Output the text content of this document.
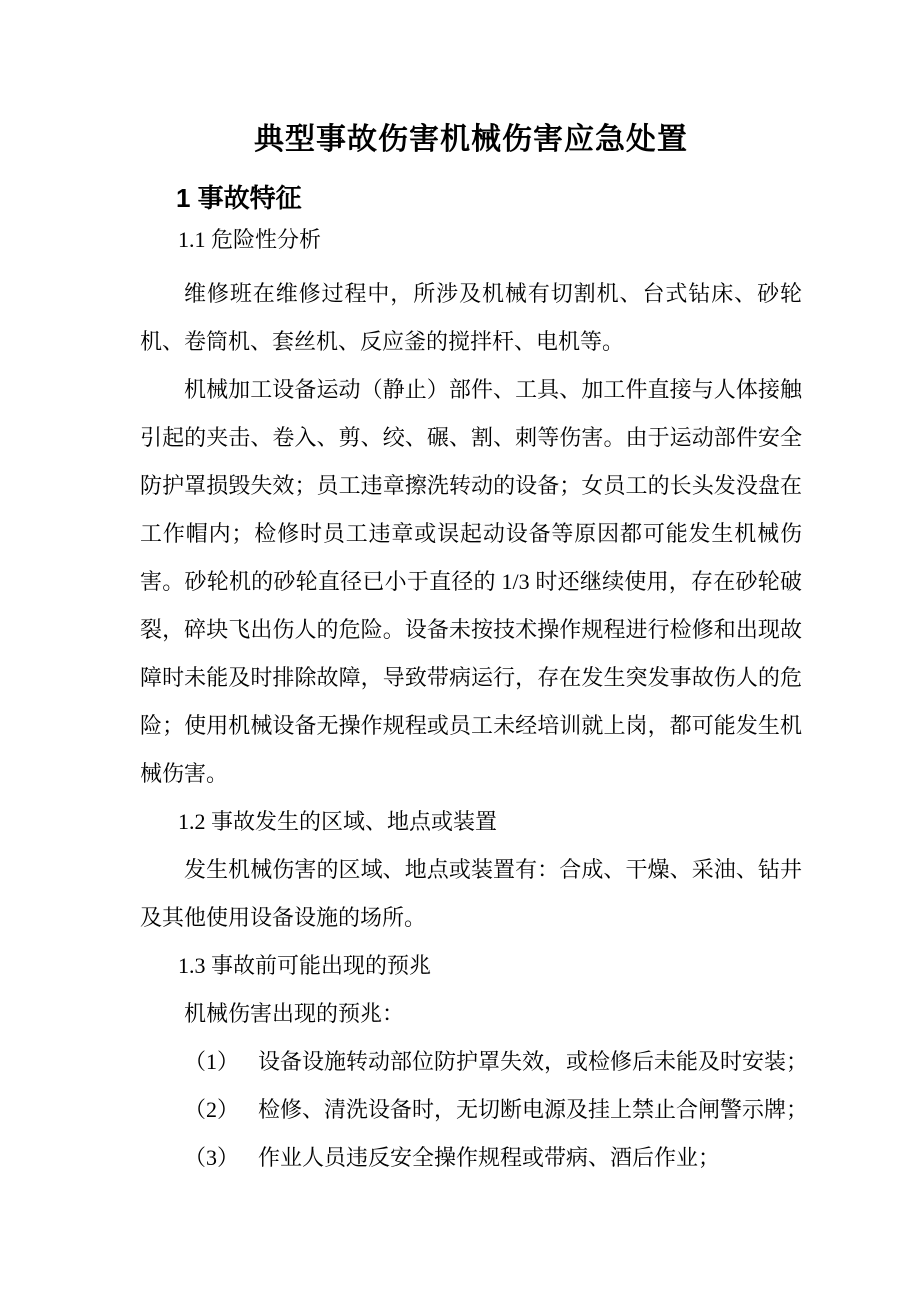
典型事故伤害机械伤害应急处置
1 事故特征
1.1 危险性分析

维修班在维修过程中，所涉及机械有切割机、台式钻床、砂轮机、卷筒机、套丝机、反应釜的搅拌杆、电机等。

机械加工设备运动（静止）部件、工具、加工件直接与人体接触引起的夹击、卷入、剪、绞、碾、割、刺等伤害。由于运动部件安全防护罩损毁失效；员工违章擦洗转动的设备；女员工的长头发没盘在工作帽内；检修时员工违章或误起动设备等原因都可能发生机械伤害。砂轮机的砂轮直径已小于直径的 1/3 时还继续使用，存在砂轮破裂，碎块飞出伤人的危险。设备未按技术操作规程进行检修和出现故障时未能及时排除故障，导致带病运行，存在发生突发事故伤人的危险；使用机械设备无操作规程或员工未经培训就上岗，都可能发生机械伤害。

1.2 事故发生的区域、地点或装置

发生机械伤害的区域、地点或装置有：合成、干燥、采油、钻井及其他使用设备设施的场所。

1.3 事故前可能出现的预兆

机械伤害出现的预兆：

（1） 设备设施转动部位防护罩失效，或检修后未能及时安装；
（2） 检修、清洗设备时，无切断电源及挂上禁止合闸警示牌；
（3） 作业人员违反安全操作规程或带病、酒后作业；
